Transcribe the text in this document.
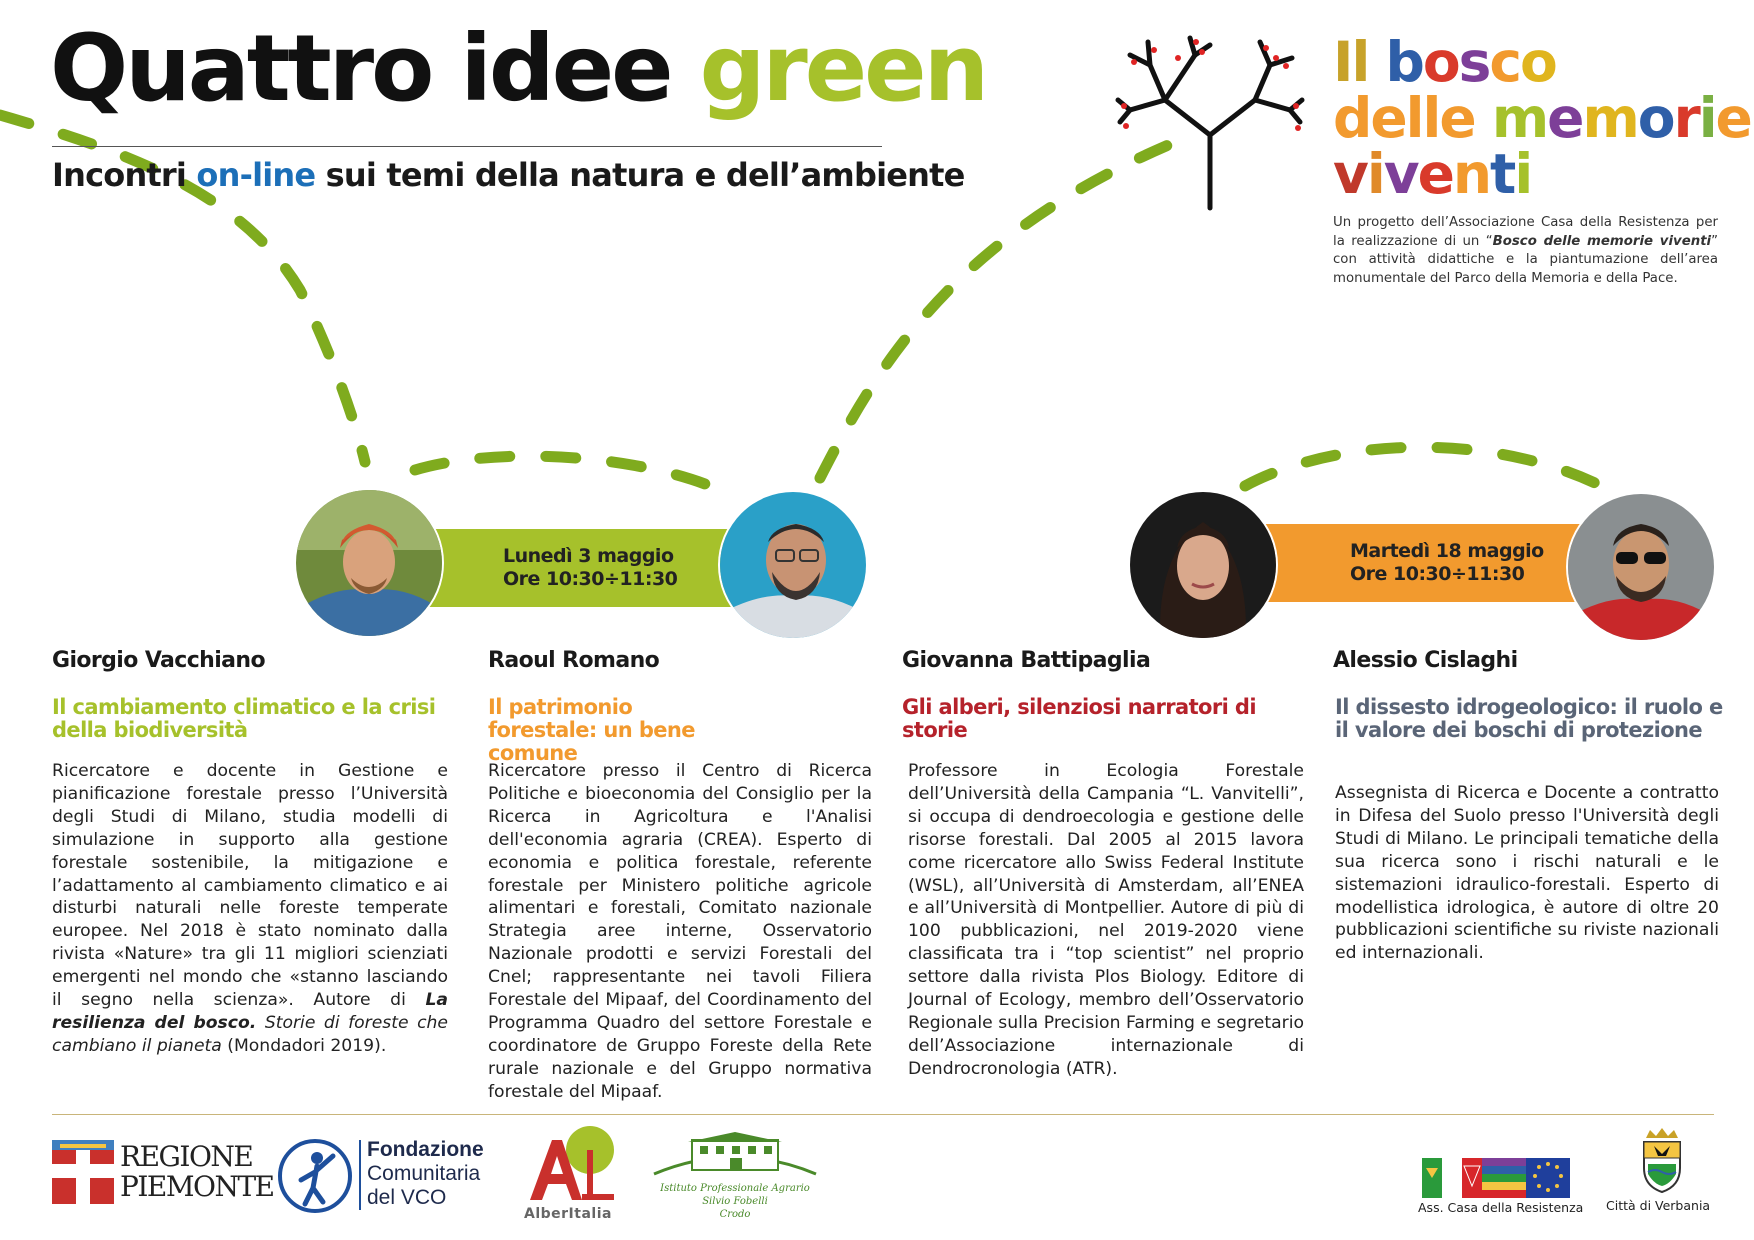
Quattro idee green
Incontri on-line sui temi della natura e dell’ambiente
Il bosco
delle memorie
viventi
Un progetto dell’Associazione Casa della Resistenza per la realizzazione di un “Bosco delle memorie viventi” con attività didattiche e la piantumazione dell’area monumentale del Parco della Memoria e della Pace.
Lunedì 3 maggio
Ore 10:30÷11:30
Martedì 18 maggio
Ore 10:30÷11:30
Giorgio Vacchiano
Il cambiamento climatico e la crisi della biodiversità
Ricercatore e docente in Gestione e pianificazione forestale presso l’Università degli Studi di Milano, studia modelli di simulazione in supporto alla gestione forestale sostenibile, la mitigazione e l’adattamento al cambiamento climatico e ai disturbi naturali nelle foreste temperate europee. Nel 2018 è stato nominato dalla rivista «Nature» tra gli 11 migliori scienziati emergenti nel mondo che «stanno lasciando il segno nella scienza». Autore di La resilienza del bosco. Storie di foreste che cambiano il pianeta (Mondadori 2019).
Raoul Romano
Il patrimonio forestale: un bene comune
Ricercatore presso il Centro di Ricerca Politiche e bioeconomia del Consiglio per la Ricerca in Agricoltura e l'Analisi dell'economia agraria (CREA). Esperto di economia e politica forestale, referente forestale per Ministero politiche agricole alimentari e forestali, Comitato nazionale Strategia aree interne, Osservatorio Nazionale prodotti e servizi Forestali del Cnel; rappresentante nei tavoli Filiera Forestale del Mipaaf, del Coordinamento del Programma Quadro del settore Forestale e coordinatore de Gruppo Foreste della Rete rurale nazionale e del Gruppo normativa forestale del Mipaaf.
Giovanna Battipaglia
Gli alberi, silenziosi narratori di storie
Professore in Ecologia Forestale dell’Università della Campania “L. Vanvitelli”, si occupa di dendroecologia e gestione delle risorse forestali. Dal 2005 al 2015 lavora come ricercatore allo Swiss Federal Institute (WSL), all’Università di Amsterdam, all’ENEA e all’Università di Montpellier. Autore di più di 100 pubblicazioni, nel 2019-2020 viene classificata tra i “top scientist” nel proprio settore dalla rivista Plos Biology. Editore di Journal of Ecology, membro dell’Osservatorio Regionale sulla Precision Farming e segretario dell’Associazione internazionale di Dendrocronologia (ATR).
Alessio Cislaghi
Il dissesto idrogeologico: il ruolo e il valore dei boschi di protezione
Assegnista di Ricerca e Docente a contratto in Difesa del Suolo presso l'Università degli Studi di Milano. Le principali tematiche della sua ricerca sono i rischi naturali e le sistemazioni idraulico-forestali. Esperto di modellistica idrologica, è autore di oltre 20 pubblicazioni scientifiche su riviste nazionali ed internazionali.
REGIONE
PIEMONTE
Fondazione
Comunitaria
del VCO
AlberItalia
Istituto Professionale Agrario
Silvio Fobelli
Crodo	Ass. Casa della Resistenza Città di Verbania
